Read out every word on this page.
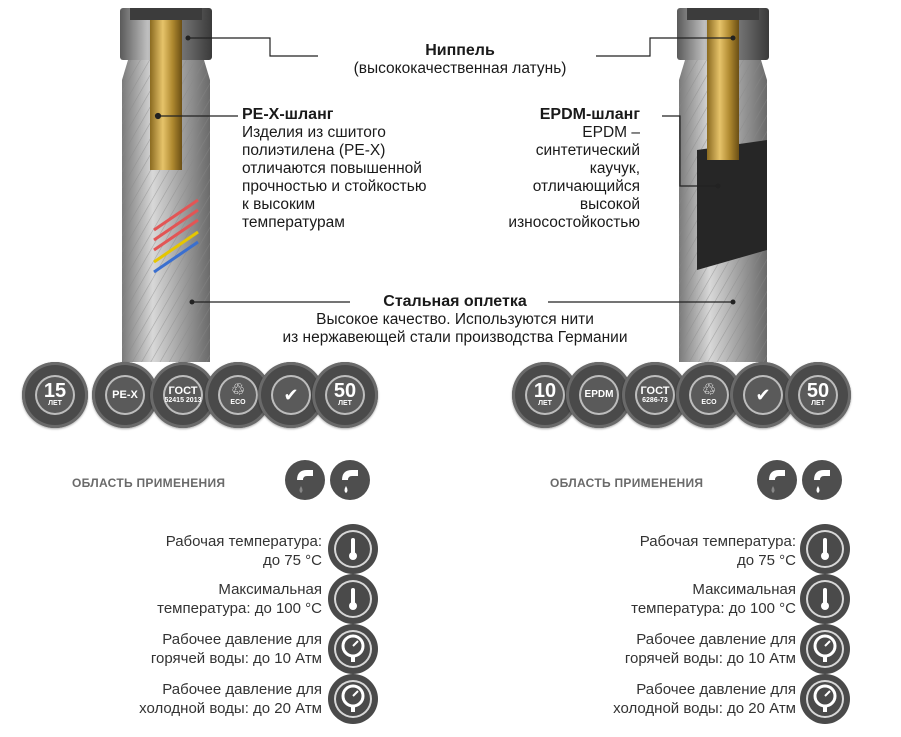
Ниппель
(высококачественная латунь)
PE-X-шланг
Изделия из сшитого
полиэтилена (PE-X)
отличаются повышенной
прочностью и стойкостью
к высоким
температурам
EPDM-шланг
EPDM –
синтетический
каучук,
отличающийся
высокой
износостойкостью
Стальная оплетка
Высокое качество. Используются нити
из нержавеющей стали производства Германии
15
ЛЕТ
PE-X	ГОСТ
52415 2013
♲
ECO ✔ 50
ЛЕТ
10
ЛЕТ
EPDM ГОСТ
6286-73
♲
ECO ✔ 50
ЛЕТ
ОБЛАСТЬ ПРИМЕНЕНИЯ
Рабочая температура:
до 75 °С
Максимальная
температура: до 100 °С
Рабочее давление для
горячей воды: до 10 Атм
Рабочее давление для
холодной воды: до 20 Атм
ОБЛАСТЬ ПРИМЕНЕНИЯ
Рабочая температура:
до 75 °С
Максимальная
температура: до 100 °С
Рабочее давление для
горячей воды: до 10 Атм
Рабочее давление для
холодной воды: до 20 Атм
